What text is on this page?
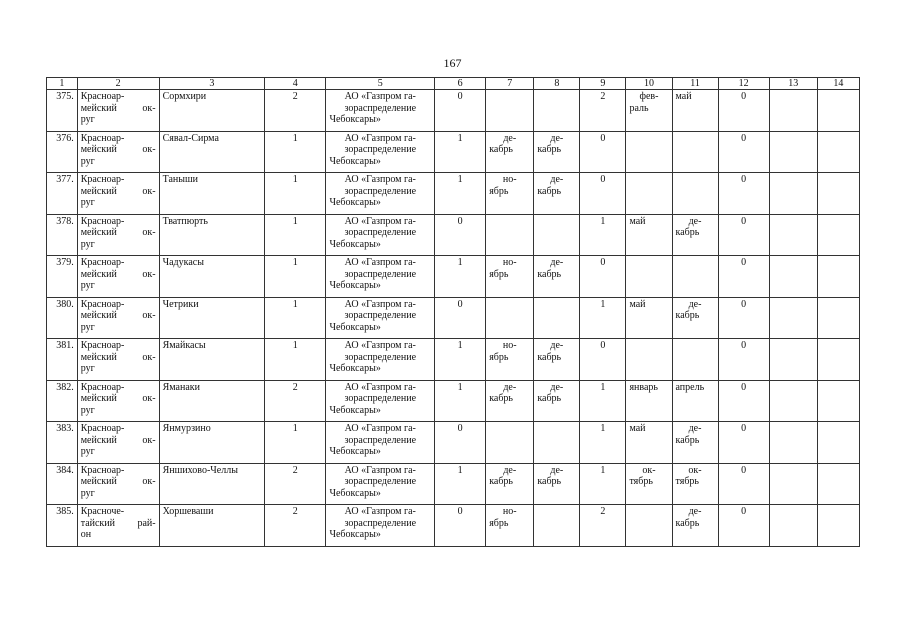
167
1	2	3	4	5	6	7	8	9	10	11	12	13	14
375.	Красноар-
мейский ок-
руг	Сормхири	2	АО «Газпром га-
зораспределение
Чебоксары»	0			2	фев-
раль	май	0		
376.	Красноар-
мейский ок-
руг	Сявал-Сирма	1	АО «Газпром га-
зораспределение
Чебоксары»	1	де-
кабрь	де-
кабрь	0			0		
377.	Красноар-
мейский ок-
руг	Таныши	1	АО «Газпром га-
зораспределение
Чебоксары»	1	но-
ябрь	де-
кабрь	0			0		
378.	Красноар-
мейский ок-
руг	Тватпюрть	1	АО «Газпром га-
зораспределение
Чебоксары»	0			1	май	де-
кабрь	0		
379.	Красноар-
мейский ок-
руг	Чадукасы	1	АО «Газпром га-
зораспределение
Чебоксары»	1	но-
ябрь	де-
кабрь	0			0		
380.	Красноар-
мейский ок-
руг	Четрики	1	АО «Газпром га-
зораспределение
Чебоксары»	0			1	май	де-
кабрь	0		
381.	Красноар-
мейский ок-
руг	Ямайкасы	1	АО «Газпром га-
зораспределение
Чебоксары»	1	но-
ябрь	де-
кабрь	0			0		
382.	Красноар-
мейский ок-
руг	Яманаки	2	АО «Газпром га-
зораспределение
Чебоксары»	1	де-
кабрь	де-
кабрь	1	январь	апрель	0		
383.	Красноар-
мейский ок-
руг	Янмурзино	1	АО «Газпром га-
зораспределение
Чебоксары»	0			1	май	де-
кабрь	0		
384.	Красноар-
мейский ок-
руг	Яншихово-Челлы	2	АО «Газпром га-
зораспределение
Чебоксары»	1	де-
кабрь	де-
кабрь	1	ок-
тябрь	ок-
тябрь	0		
385.	Красноче-
тайский рай-
он	Хоршеваши	2	АО «Газпром га-
зораспределение
Чебоксары»	0	но-
ябрь		2		де-
кабрь	0		
